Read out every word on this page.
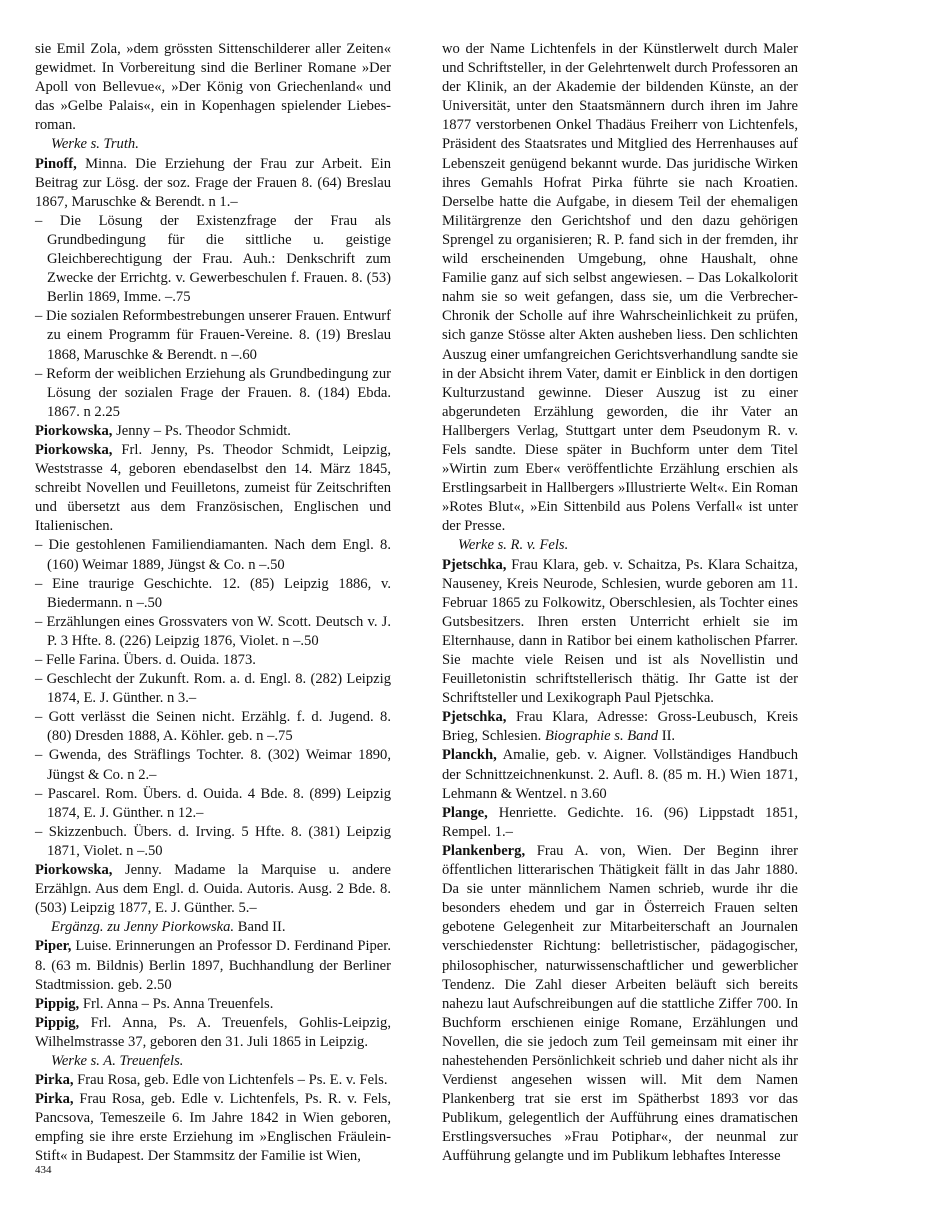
sie Emil Zola, »dem grössten Sittenschilderer aller Zeiten« gewidmet. In Vorbereitung sind die Berliner Romane »Der Apoll von Bellevue«, »Der König von Griechenland« und das »Gelbe Palais«, ein in Kopenhagen spielender Liebes-roman.

Werke s. Truth.

Pinoff, Minna. Die Erziehung der Frau zur Arbeit. Ein Beitrag zur Lösg. der soz. Frage der Frauen 8. (64) Breslau 1867, Maruschke & Berendt. n 1.–

– Die Lösung der Existenzfrage der Frau als Grundbedingung für die sittliche u. geistige Gleichberechtigung der Frau. Auh.: Denkschrift zum Zwecke der Errichtg. v. Gewerbeschulen f. Frauen. 8. (53) Berlin 1869, Imme. –.75

– Die sozialen Reformbestrebungen unserer Frauen. Entwurf zu einem Programm für Frauen-Vereine. 8. (19) Breslau 1868, Maruschke & Berendt. n –.60

– Reform der weiblichen Erziehung als Grundbedingung zur Lösung der sozialen Frage der Frauen. 8. (184) Ebda. 1867. n 2.25

Piorkowska, Jenny – Ps. Theodor Schmidt.

Piorkowska, Frl. Jenny, Ps. Theodor Schmidt, Leipzig, Weststrasse 4, geboren ebendaselbst den 14. März 1845, schreibt Novellen und Feuilletons, zumeist für Zeitschriften und übersetzt aus dem Französischen, Englischen und Italienischen.

– Die gestohlenen Familiendiamanten. Nach dem Engl. 8. (160) Weimar 1889, Jüngst & Co. n –.50

– Eine traurige Geschichte. 12. (85) Leipzig 1886, v. Biedermann. n –.50

– Erzählungen eines Grossvaters von W. Scott. Deutsch v. J. P. 3 Hfte. 8. (226) Leipzig 1876, Violet. n –.50

– Felle Farina. Übers. d. Ouida. 1873.

– Geschlecht der Zukunft. Rom. a. d. Engl. 8. (282) Leipzig 1874, E. J. Günther. n 3.–

– Gott verlässt die Seinen nicht. Erzählg. f. d. Jugend. 8. (80) Dresden 1888, A. Köhler. geb. n –.75

– Gwenda, des Sträflings Tochter. 8. (302) Weimar 1890, Jüngst & Co. n 2.–

– Pascarel. Rom. Übers. d. Ouida. 4 Bde. 8. (899) Leipzig 1874, E. J. Günther. n 12.–

– Skizzenbuch. Übers. d. Irving. 5 Hfte. 8. (381) Leipzig 1871, Violet. n –.50

Piorkowska, Jenny. Madame la Marquise u. andere Erzählgn. Aus dem Engl. d. Ouida. Autoris. Ausg. 2 Bde. 8. (503) Leipzig 1877, E. J. Günther. 5.–

Ergänzg. zu Jenny Piorkowska. Band II.

Piper, Luise. Erinnerungen an Professor D. Ferdinand Piper. 8. (63 m. Bildnis) Berlin 1897, Buchhandlung der Berliner Stadtmission. geb. 2.50

Pippig, Frl. Anna – Ps. Anna Treuenfels.

Pippig, Frl. Anna, Ps. A. Treuenfels, Gohlis-Leipzig, Wilhelmstrasse 37, geboren den 31. Juli 1865 in Leipzig.

Werke s. A. Treuenfels.

Pirka, Frau Rosa, geb. Edle von Lichtenfels – Ps. E. v. Fels.

Pirka, Frau Rosa, geb. Edle v. Lichtenfels, Ps. R. v. Fels, Pancsova, Temeszeile 6. Im Jahre 1842 in Wien geboren, empfing sie ihre erste Erziehung im »Englischen Fräulein-Stift« in Budapest. Der Stammsitz der Familie ist Wien,

wo der Name Lichtenfels in der Künstlerwelt durch Maler und Schriftsteller, in der Gelehrtenwelt durch Professoren an der Klinik, an der Akademie der bildenden Künste, an der Universität, unter den Staatsmännern durch ihren im Jahre 1877 verstorbenen Onkel Thadäus Freiherr von Lichtenfels, Präsident des Staatsrates und Mitglied des Herrenhauses auf Lebenszeit genügend bekannt wurde. Das juridische Wirken ihres Gemahls Hofrat Pirka führte sie nach Kroatien. Derselbe hatte die Aufgabe, in diesem Teil der ehemaligen Militärgrenze den Gerichtshof und den dazu gehörigen Sprengel zu organisieren; R. P. fand sich in der fremden, ihr wild erscheinenden Umgebung, ohne Haushalt, ohne Familie ganz auf sich selbst angewiesen. – Das Lokalkolorit nahm sie so weit gefangen, dass sie, um die Verbrecher-Chronik der Scholle auf ihre Wahrscheinlichkeit zu prüfen, sich ganze Stösse alter Akten ausheben liess. Den schlichten Auszug einer umfangreichen Gerichtsverhandlung sandte sie in der Absicht ihrem Vater, damit er Einblick in den dortigen Kulturzustand gewinne. Dieser Auszug ist zu einer abgerundeten Erzählung geworden, die ihr Vater an Hallbergers Verlag, Stuttgart unter dem Pseudonym R. v. Fels sandte. Diese später in Buchform unter dem Titel »Wirtin zum Eber« veröffentlichte Erzählung erschien als Erstlingsarbeit in Hallbergers »Illustrierte Welt«. Ein Roman »Rotes Blut«, »Ein Sittenbild aus Polens Verfall« ist unter der Presse.

Werke s. R. v. Fels.

Pjetschka, Frau Klara, geb. v. Schaitza, Ps. Klara Schaitza, Nauseney, Kreis Neurode, Schlesien, wurde geboren am 11. Februar 1865 zu Folkowitz, Oberschlesien, als Tochter eines Gutsbesitzers. Ihren ersten Unterricht erhielt sie im Elternhause, dann in Ratibor bei einem katholischen Pfarrer. Sie machte viele Reisen und ist als Novellistin und Feuilletonistin schriftstellerisch thätig. Ihr Gatte ist der Schriftsteller und Lexikograph Paul Pjetschka.

Pjetschka, Frau Klara, Adresse: Gross-Leubusch, Kreis Brieg, Schlesien. Biographie s. Band II.

Planckh, Amalie, geb. v. Aigner. Vollständiges Handbuch der Schnittzeichnenkunst. 2. Aufl. 8. (85 m. H.) Wien 1871, Lehmann & Wentzel. n 3.60

Plange, Henriette. Gedichte. 16. (96) Lippstadt 1851, Rempel. 1.–

Plankenberg, Frau A. von, Wien. Der Beginn ihrer öffentlichen litterarischen Thätigkeit fällt in das Jahr 1880. Da sie unter männlichem Namen schrieb, wurde ihr die besonders ehedem und gar in Österreich Frauen selten gebotene Gelegenheit zur Mitarbeiterschaft an Journalen verschiedenster Richtung: belletristischer, pädagogischer, philosophischer, naturwissenschaftlicher und gewerblicher Tendenz. Die Zahl dieser Arbeiten beläuft sich bereits nahezu laut Aufschreibungen auf die stattliche Ziffer 700. In Buchform erschienen einige Romane, Erzählungen und Novellen, die sie jedoch zum Teil gemeinsam mit einer ihr nahestehenden Persönlichkeit schrieb und daher nicht als ihr Verdienst angesehen wissen will. Mit dem Namen Plankenberg trat sie erst im Spätherbst 1893 vor das Publikum, gelegentlich der Aufführung eines dramatischen Erstlingsversuches »Frau Potiphar«, der neunmal zur Aufführung gelangte und im Publikum lebhaftes Interesse

434
